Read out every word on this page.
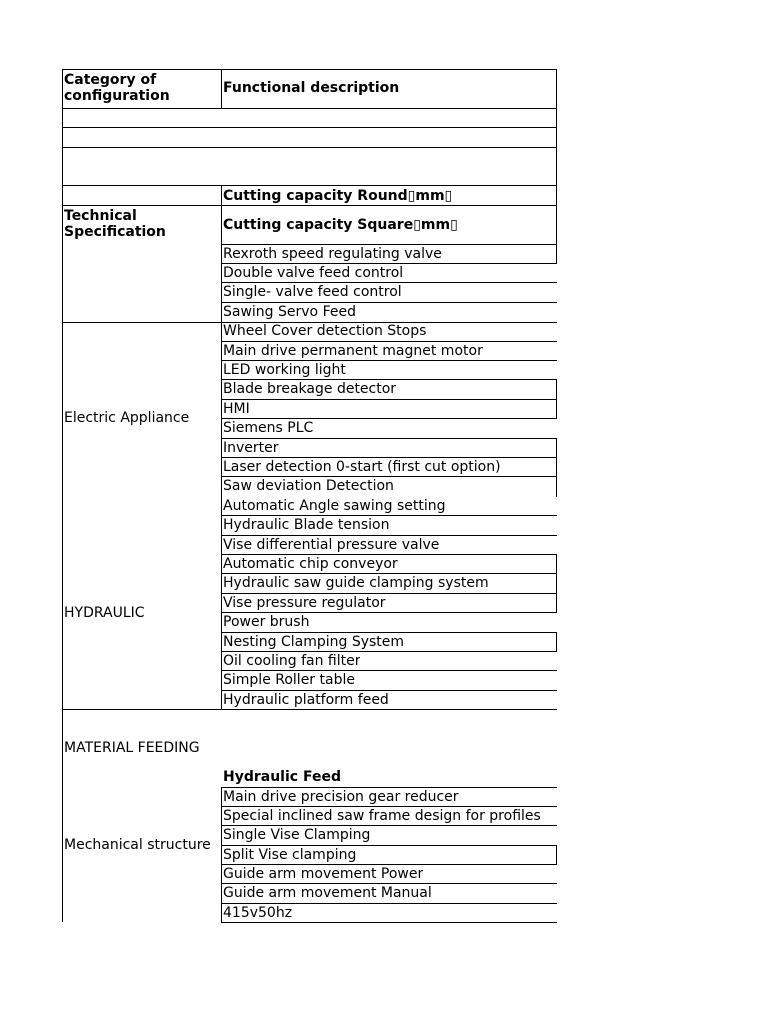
Category of configuration	Functional description
Technical Specification
Electric Appliance
HYDRAULIC
MATERIAL FEEDING
Mechanical structure
Cutting capacity Round▯mm▯
Cutting capacity Square▯mm▯
Rexroth speed regulating valve
Double valve feed control
Single- valve feed control
Sawing Servo Feed
Wheel Cover detection Stops
Main drive permanent magnet motor
LED working light
Blade breakage detector
HMI
Siemens PLC
Inverter
Laser detection 0-start (first cut option)
Saw deviation Detection
Automatic Angle sawing setting
Hydraulic Blade tension
Vise differential pressure valve
Automatic chip conveyor
Hydraulic saw guide clamping system
Vise pressure regulator
Power brush
Nesting Clamping System
Oil cooling fan filter
Simple Roller table
Hydraulic platform feed
Hydraulic Feed
Main drive precision gear reducer
Special inclined saw frame design for profiles
Single Vise Clamping
Split Vise clamping
Guide arm movement Power
Guide arm movement Manual
415v50hz
